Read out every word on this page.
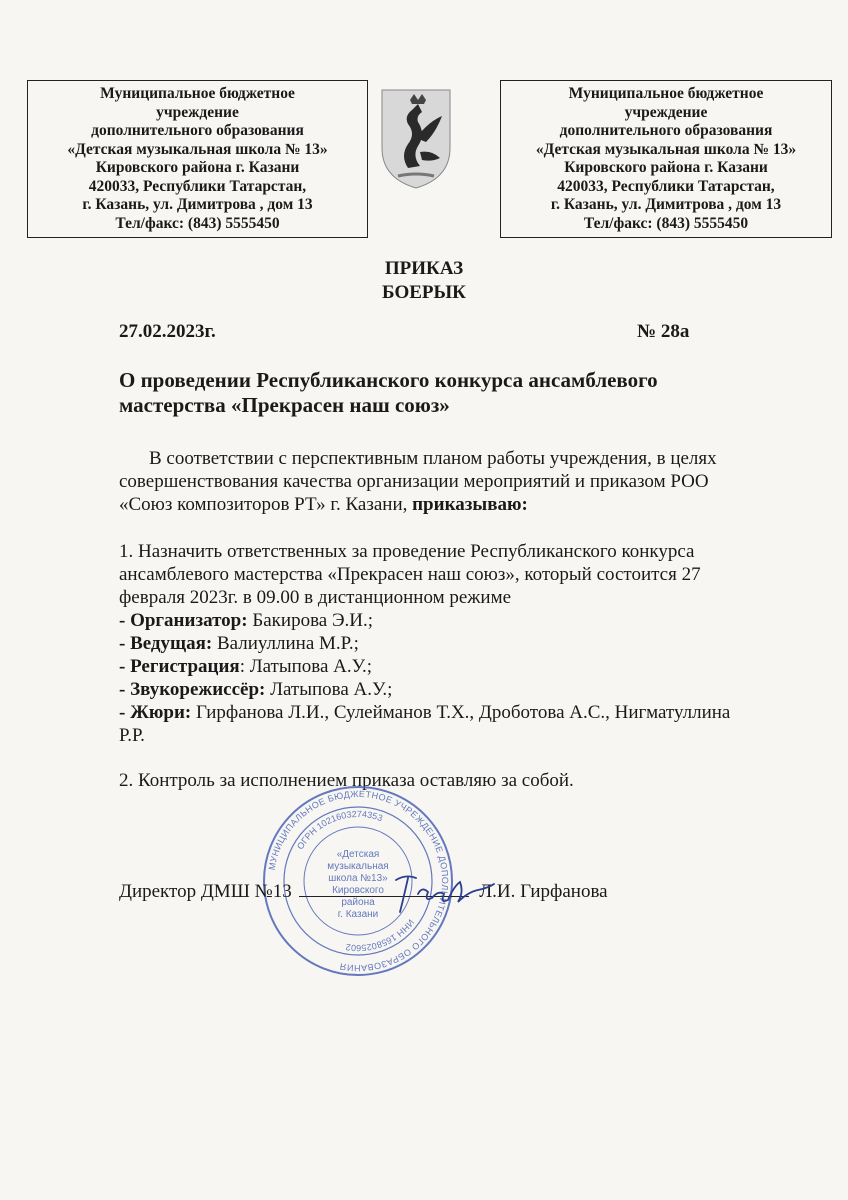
Муниципальное бюджетное
учреждение
дополнительного образования
«Детская музыкальная школа № 13»
Кировского района г. Казани
420033, Республики Татарстан,
г. Казань, ул. Димитрова , дом 13
Тел/факс: (843) 5555450
Муниципальное бюджетное
учреждение
дополнительного образования
«Детская музыкальная школа № 13»
Кировского района г. Казани
420033, Республики Татарстан,
г. Казань, ул. Димитрова , дом 13
Тел/факс: (843) 5555450
ПРИКАЗ
БОЕРЫК
27.02.2023г.	№ 28а
О проведении Республиканского конкурса ансамблевого
мастерства «Прекрасен наш союз»
В соответствии с перспективным планом работы учреждения, в целях
совершенствования качества организации мероприятий и приказом РОО
«Союз композиторов РТ» г. Казани, приказываю:
1. Назначить ответственных за проведение Республиканского конкурса
ансамблевого мастерства «Прекрасен наш союз», который состоится 27
февраля 2023г. в 09.00 в дистанционном режиме
- Организатор: Бакирова Э.И.;
- Ведущая: Валиуллина М.Р.;
- Регистрация: Латыпова А.У.;
- Звукорежиссёр: Латыпова А.У.;
- Жюри: Гирфанова Л.И., Сулейманов Т.Х., Дроботова А.С., Нигматуллина
Р.Р.
2. Контроль за исполнением приказа оставляю за собой.
МУНИЦИПАЛЬНОЕ БЮДЖЕТНОЕ УЧРЕЖДЕНИЕ ДОПОЛНИТЕЛЬНОГО ОБРАЗОВАНИЯ
ОГРН 1021603274353
ИНН 1658025602
«Детская
музыкальная
школа №13»
Кировского
района
г. Казани
Директор ДМШ №13	Л.И. Гирфанова
